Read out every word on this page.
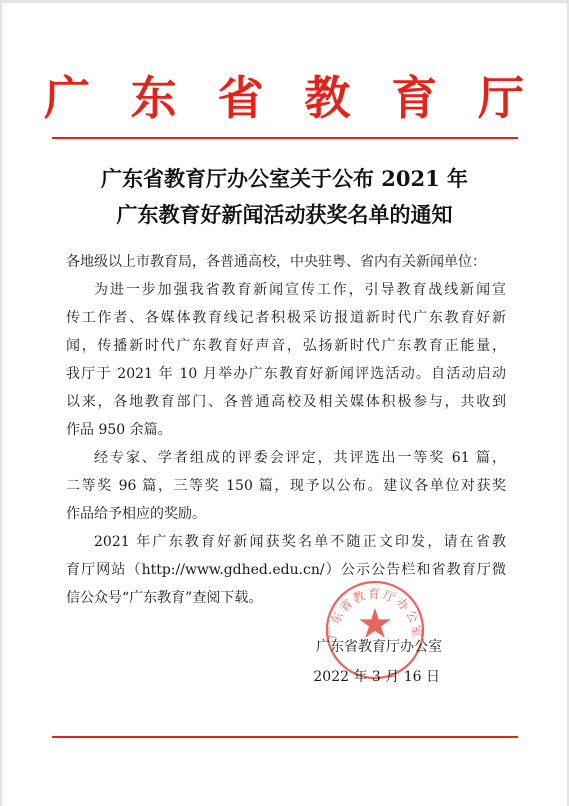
广 东 省 教 育 厅
广东省教育厅办公室关于公布 2021 年
广东教育好新闻活动获奖名单的通知
各地级以上市教育局，各普通高校，中央驻粤、省内有关新闻单位：
为进一步加强我省教育新闻宣传工作，引导教育战线新闻宣
传工作者、各媒体教育线记者积极采访报道新时代广东教育好新
闻，传播新时代广东教育好声音，弘扬新时代广东教育正能量，
我厅于 2021 年 10 月举办广东教育好新闻评选活动。自活动启动
以来，各地教育部门、各普通高校及相关媒体积极参与，共收到
作品 950 余篇。
经专家、学者组成的评委会评定，共评选出一等奖 61 篇，
二等奖 96 篇，三等奖 150 篇，现予以公布。建议各单位对获奖
作品给予相应的奖励。
2021 年广东教育好新闻获奖名单不随正文印发，请在省教
育厅网站（http://www.gdhed.edu.cn/）公示公告栏和省教育厅微
信公众号“广东教育”查阅下载。
广东省教育厅办公室
广东省教育厅办公室
2022 年 3 月 16 日
